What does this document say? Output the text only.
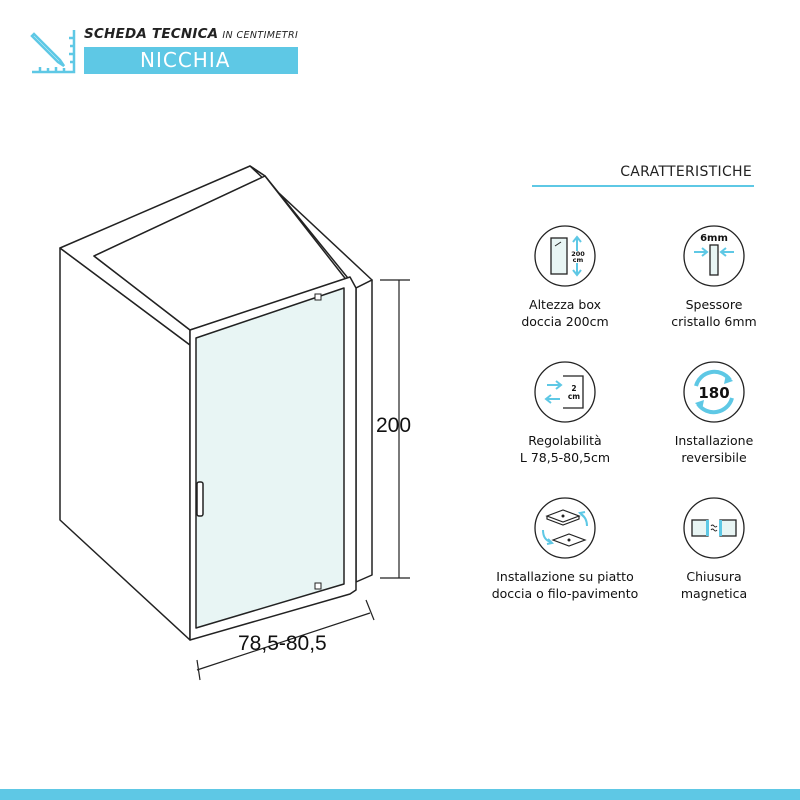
SCHEDA TECNICA IN CENTIMETRI
NICCHIA
200
78,5-80,5
CARATTERISTICHE
200
cm
Altezza box
doccia 200cm
6mm
Spessore
cristallo 6mm
2
cm
Regolabilità
L 78,5-80,5cm
180
Installazione
reversibile
Installazione su piatto
doccia o filo-pavimento
Chiusura
magnetica
